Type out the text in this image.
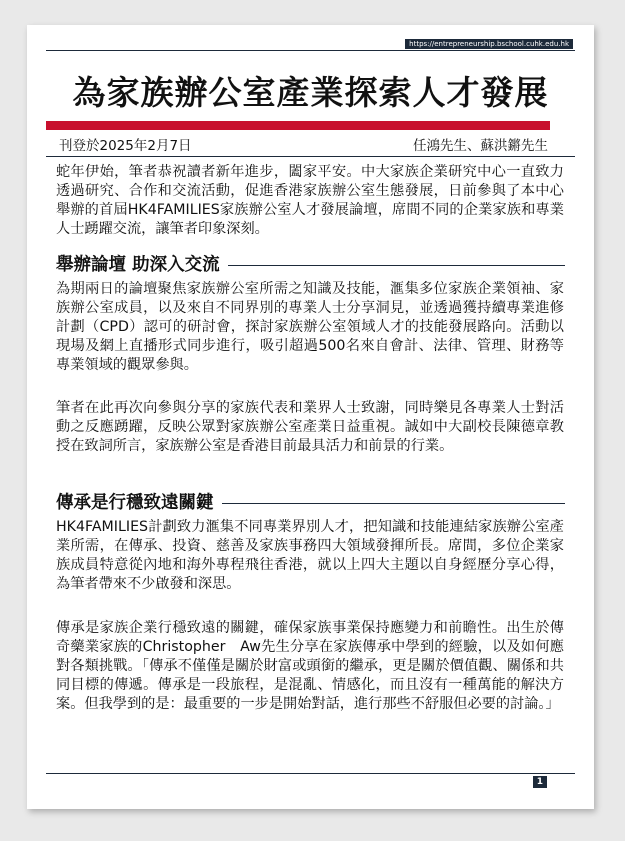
https://entrepreneurship.bschool.cuhk.edu.hk
為家族辦公室產業探索人才發展
刊登於2025年2月7日	任鴻先生、蘇洪鏘先生

蛇年伊始，筆者恭祝讀者新年進步，闔家平安。中大家族企業研究中心一直致力透過研究、合作和交流活動，促進香港家族辦公室生態發展，日前參與了本中心舉辦的首屆HK4FAMILIES家族辦公室人才發展論壇，席間不同的企業家族和專業人士踴躍交流，讓筆者印象深刻。

舉辦論壇 助深入交流

為期兩日的論壇聚焦家族辦公室所需之知識及技能，滙集多位家族企業領袖、家族辦公室成員，以及來自不同界別的專業人士分享洞見，並透過獲持續專業進修計劃（CPD）認可的研討會，探討家族辦公室領域人才的技能發展路向。活動以現場及網上直播形式同步進行，吸引超過500名來自會計、法律、管理、財務等專業領域的觀眾參與。

筆者在此再次向參與分享的家族代表和業界人士致謝，同時樂見各專業人士對活動之反應踴躍，反映公眾對家族辦公室產業日益重視。誠如中大副校長陳德章教授在致詞所言，家族辦公室是香港目前最具活力和前景的行業。

傳承是行穩致遠關鍵

HK4FAMILIES計劃致力滙集不同專業界別人才，把知識和技能連結家族辦公室產業所需，在傳承、投資、慈善及家族事務四大領域發揮所長。席間，多位企業家族成員特意從內地和海外專程飛往香港，就以上四大主題以自身經歷分享心得，為筆者帶來不少啟發和深思。

傳承是家族企業行穩致遠的關鍵，確保家族事業保持應變力和前瞻性。出生於傳奇藥業家族的Christopher　Aw先生分享在家族傳承中學到的經驗，以及如何應對各類挑戰。「傳承不僅僅是關於財富或頭銜的繼承，更是關於價值觀、關係和共同目標的傳遞。傳承是一段旅程，是混亂、情感化，而且沒有一種萬能的解決方案。但我學到的是：最重要的一步是開始對話，進行那些不舒服但必要的討論。」

1
